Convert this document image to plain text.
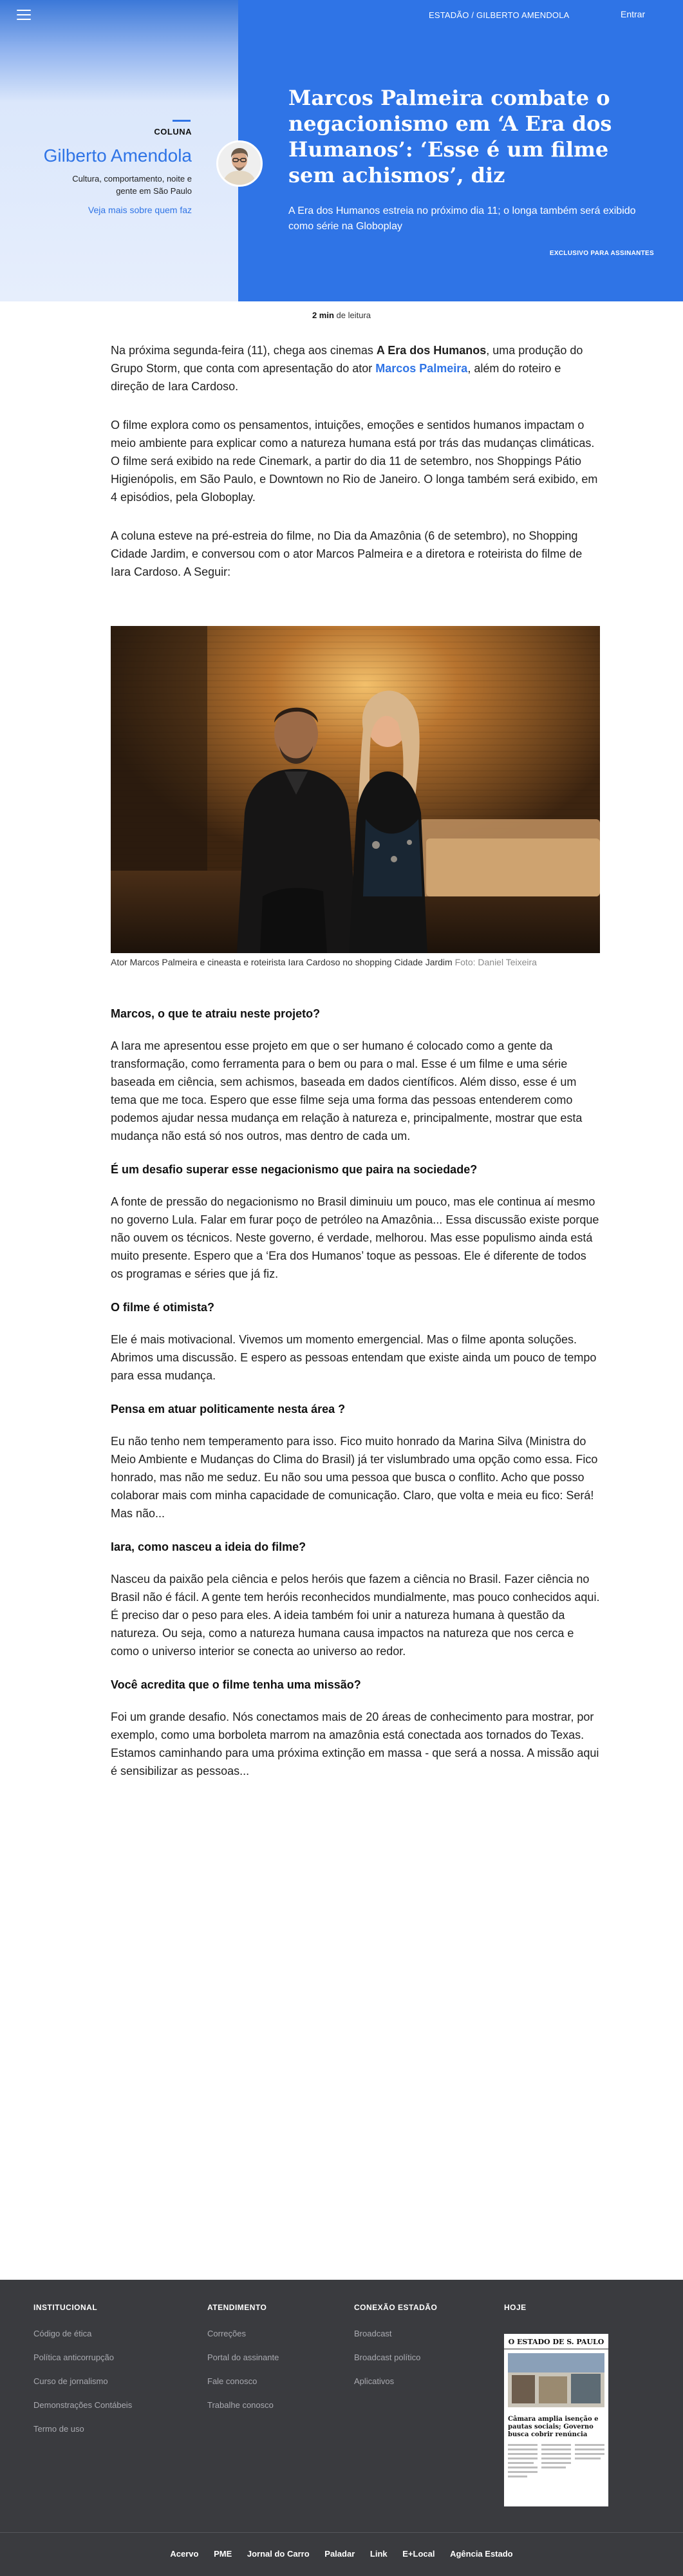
ESTADÃO / GILBERTO AMENDOLA	Entrar
COLUNA
Gilberto Amendola
Cultura, comportamento, noite e gente em São Paulo
Veja mais sobre quem faz
Marcos Palmeira combate o negacionismo em ‘A Era dos Humanos’: ‘Esse é um filme sem achismos’, diz

A Era dos Humanos estreia no próximo dia 11; o longa também será exibido como série na Globoplay

EXCLUSIVO PARA ASSINANTES
2 min de leitura

Na próxima segunda-feira (11), chega aos cinemas A Era dos Humanos, uma produção do Grupo Storm, que conta com apresentação do ator Marcos Palmeira, além do roteiro e direção de Iara Cardoso.

O filme explora como os pensamentos, intuições, emoções e sentidos humanos impactam o meio ambiente para explicar como a natureza humana está por trás das mudanças climáticas. O filme será exibido na rede Cinemark, a partir do dia 11 de setembro, nos Shoppings Pátio Higienópolis, em São Paulo, e Downtown no Rio de Janeiro. O longa também será exibido, em 4 episódios, pela Globoplay.

A coluna esteve na pré-estreia do filme, no Dia da Amazônia (6 de setembro), no Shopping Cidade Jardim, e conversou com o ator Marcos Palmeira e a diretora e roteirista do filme de Iara Cardoso. A Seguir:

Ator Marcos Palmeira e cineasta e roteirista Iara Cardoso no shopping Cidade Jardim Foto: Daniel Teixeira
Marcos, o que te atraiu neste projeto?

A Iara me apresentou esse projeto em que o ser humano é colocado como a gente da transformação, como ferramenta para o bem ou para o mal. Esse é um filme e uma série baseada em ciência, sem achismos, baseada em dados científicos. Além disso, esse é um tema que me toca. Espero que esse filme seja uma forma das pessoas entenderem como podemos ajudar nessa mudança em relação à natureza e, principalmente, mostrar que esta mudança não está só nos outros, mas dentro de cada um.

É um desafio superar esse negacionismo que paira na sociedade?

A fonte de pressão do negacionismo no Brasil diminuiu um pouco, mas ele continua aí mesmo no governo Lula. Falar em furar poço de petróleo na Amazônia... Essa discussão existe porque não ouvem os técnicos. Neste governo, é verdade, melhorou. Mas esse populismo ainda está muito presente. Espero que a ‘Era dos Humanos’ toque as pessoas. Ele é diferente de todos os programas e séries que já fiz.

O filme é otimista?

Ele é mais motivacional. Vivemos um momento emergencial. Mas o filme aponta soluções. Abrimos uma discussão. E espero as pessoas entendam que existe ainda um pouco de tempo para essa mudança.

Pensa em atuar politicamente nesta área ?

Eu não tenho nem temperamento para isso. Fico muito honrado da Marina Silva (Ministra do Meio Ambiente e Mudanças do Clima do Brasil) já ter vislumbrado uma opção como essa. Fico honrado, mas não me seduz. Eu não sou uma pessoa que busca o conflito. Acho que posso colaborar mais com minha capacidade de comunicação. Claro, que volta e meia eu fico: Será! Mas não...

Iara, como nasceu a ideia do filme?

Nasceu da paixão pela ciência e pelos heróis que fazem a ciência no Brasil. Fazer ciência no Brasil não é fácil. A gente tem heróis reconhecidos mundialmente, mas pouco conhecidos aqui. É preciso dar o peso para eles. A ideia também foi unir a natureza humana à questão da natureza. Ou seja, como a natureza humana causa impactos na natureza que nos cerca e como o universo interior se conecta ao universo ao redor.

Você acredita que o filme tenha uma missão?

Foi um grande desafio. Nós conectamos mais de 20 áreas de conhecimento para mostrar, por exemplo, como uma borboleta marrom na amazônia está conectada aos tornados do Texas. Estamos caminhando para uma próxima extinção em massa - que será a nossa. A missão aqui é sensibilizar as pessoas...

INSTITUCIONAL
Código de ética
Política anticorrupção
Curso de jornalismo
Demonstrações Contábeis
Termo de uso
ATENDIMENTO
Correções
Portal do assinante
Fale conosco
Trabalhe conosco
CONEXÃO ESTADÃO
Broadcast
Broadcast político
Aplicativos
HOJE
O ESTADO DE S. PAULO
Câmara amplia isenção e pautas sociais; Governo busca cobrir renúncia
Acervo PME Jornal do Carro Paladar Link E+Local Agência Estado
